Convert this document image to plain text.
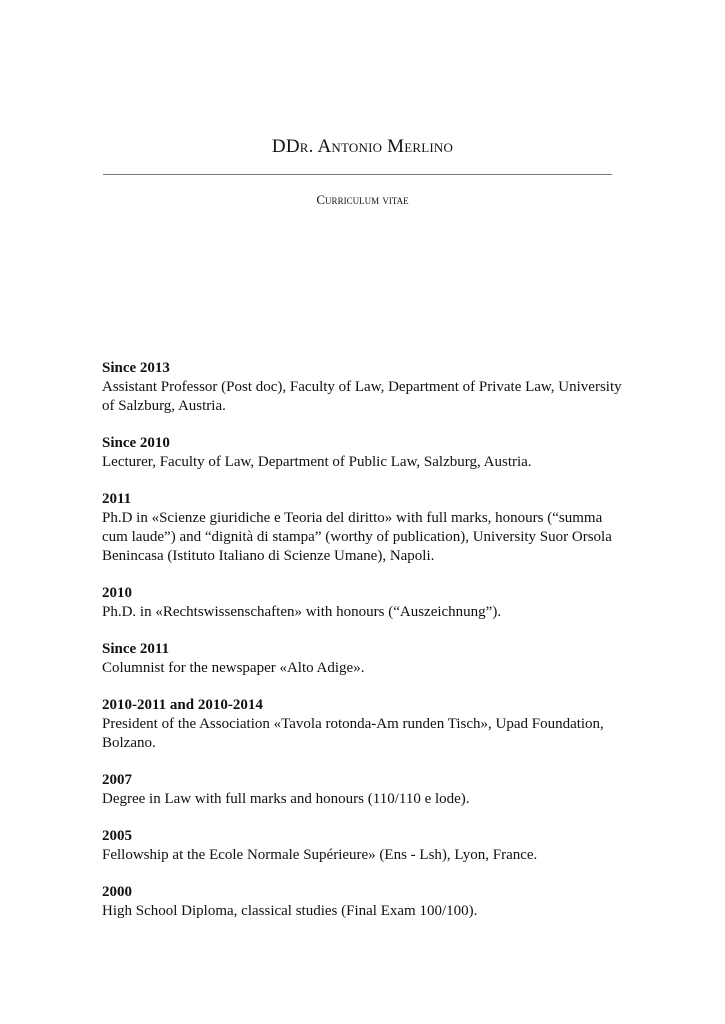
DDr. Antonio Merlino
Curriculum vitae
Since 2013
Assistant Professor (Post doc), Faculty of Law, Department of Private Law, University of Salzburg, Austria.
Since 2010
Lecturer, Faculty of Law, Department of Public Law, Salzburg, Austria.
2011
Ph.D in «Scienze giuridiche e Teoria del diritto» with full marks, honours (“summa cum laude”) and “dignità di stampa” (worthy of publication), University Suor Orsola Benincasa (Istituto Italiano di Scienze Umane), Napoli.
2010
Ph.D. in «Rechtswissenschaften» with honours (“Auszeichnung”).
Since 2011
Columnist for the newspaper «Alto Adige».
2010-2011 and 2010-2014
President of the Association «Tavola rotonda-Am runden Tisch», Upad Foundation, Bolzano.
2007
Degree in Law with full marks and honours (110/110 e lode).
2005
Fellowship at the Ecole Normale Supérieure» (Ens - Lsh), Lyon, France.
2000
High School Diploma, classical studies (Final Exam 100/100).
